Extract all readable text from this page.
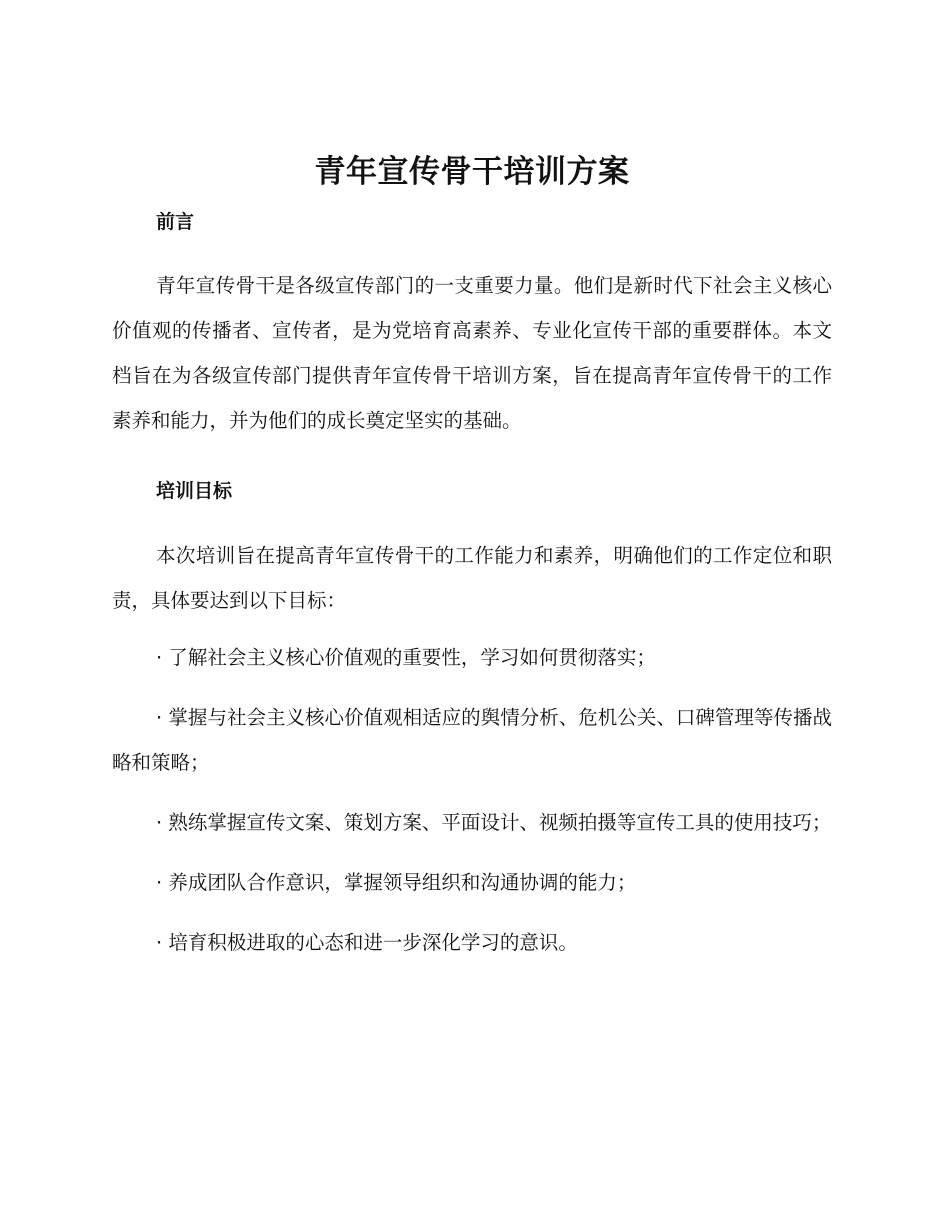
青年宣传骨干培训方案
前言

青年宣传骨干是各级宣传部门的一支重要力量。他们是新时代下社会主义核心价值观的传播者、宣传者，是为党培育高素养、专业化宣传干部的重要群体。本文档旨在为各级宣传部门提供青年宣传骨干培训方案，旨在提高青年宣传骨干的工作素养和能力，并为他们的成长奠定坚实的基础。

培训目标

本次培训旨在提高青年宣传骨干的工作能力和素养，明确他们的工作定位和职责，具体要达到以下目标：

· 了解社会主义核心价值观的重要性，学习如何贯彻落实；
· 掌握与社会主义核心价值观相适应的舆情分析、危机公关、口碑管理等传播战略和策略；
· 熟练掌握宣传文案、策划方案、平面设计、视频拍摄等宣传工具的使用技巧；
· 养成团队合作意识，掌握领导组织和沟通协调的能力；
· 培育积极进取的心态和进一步深化学习的意识。
